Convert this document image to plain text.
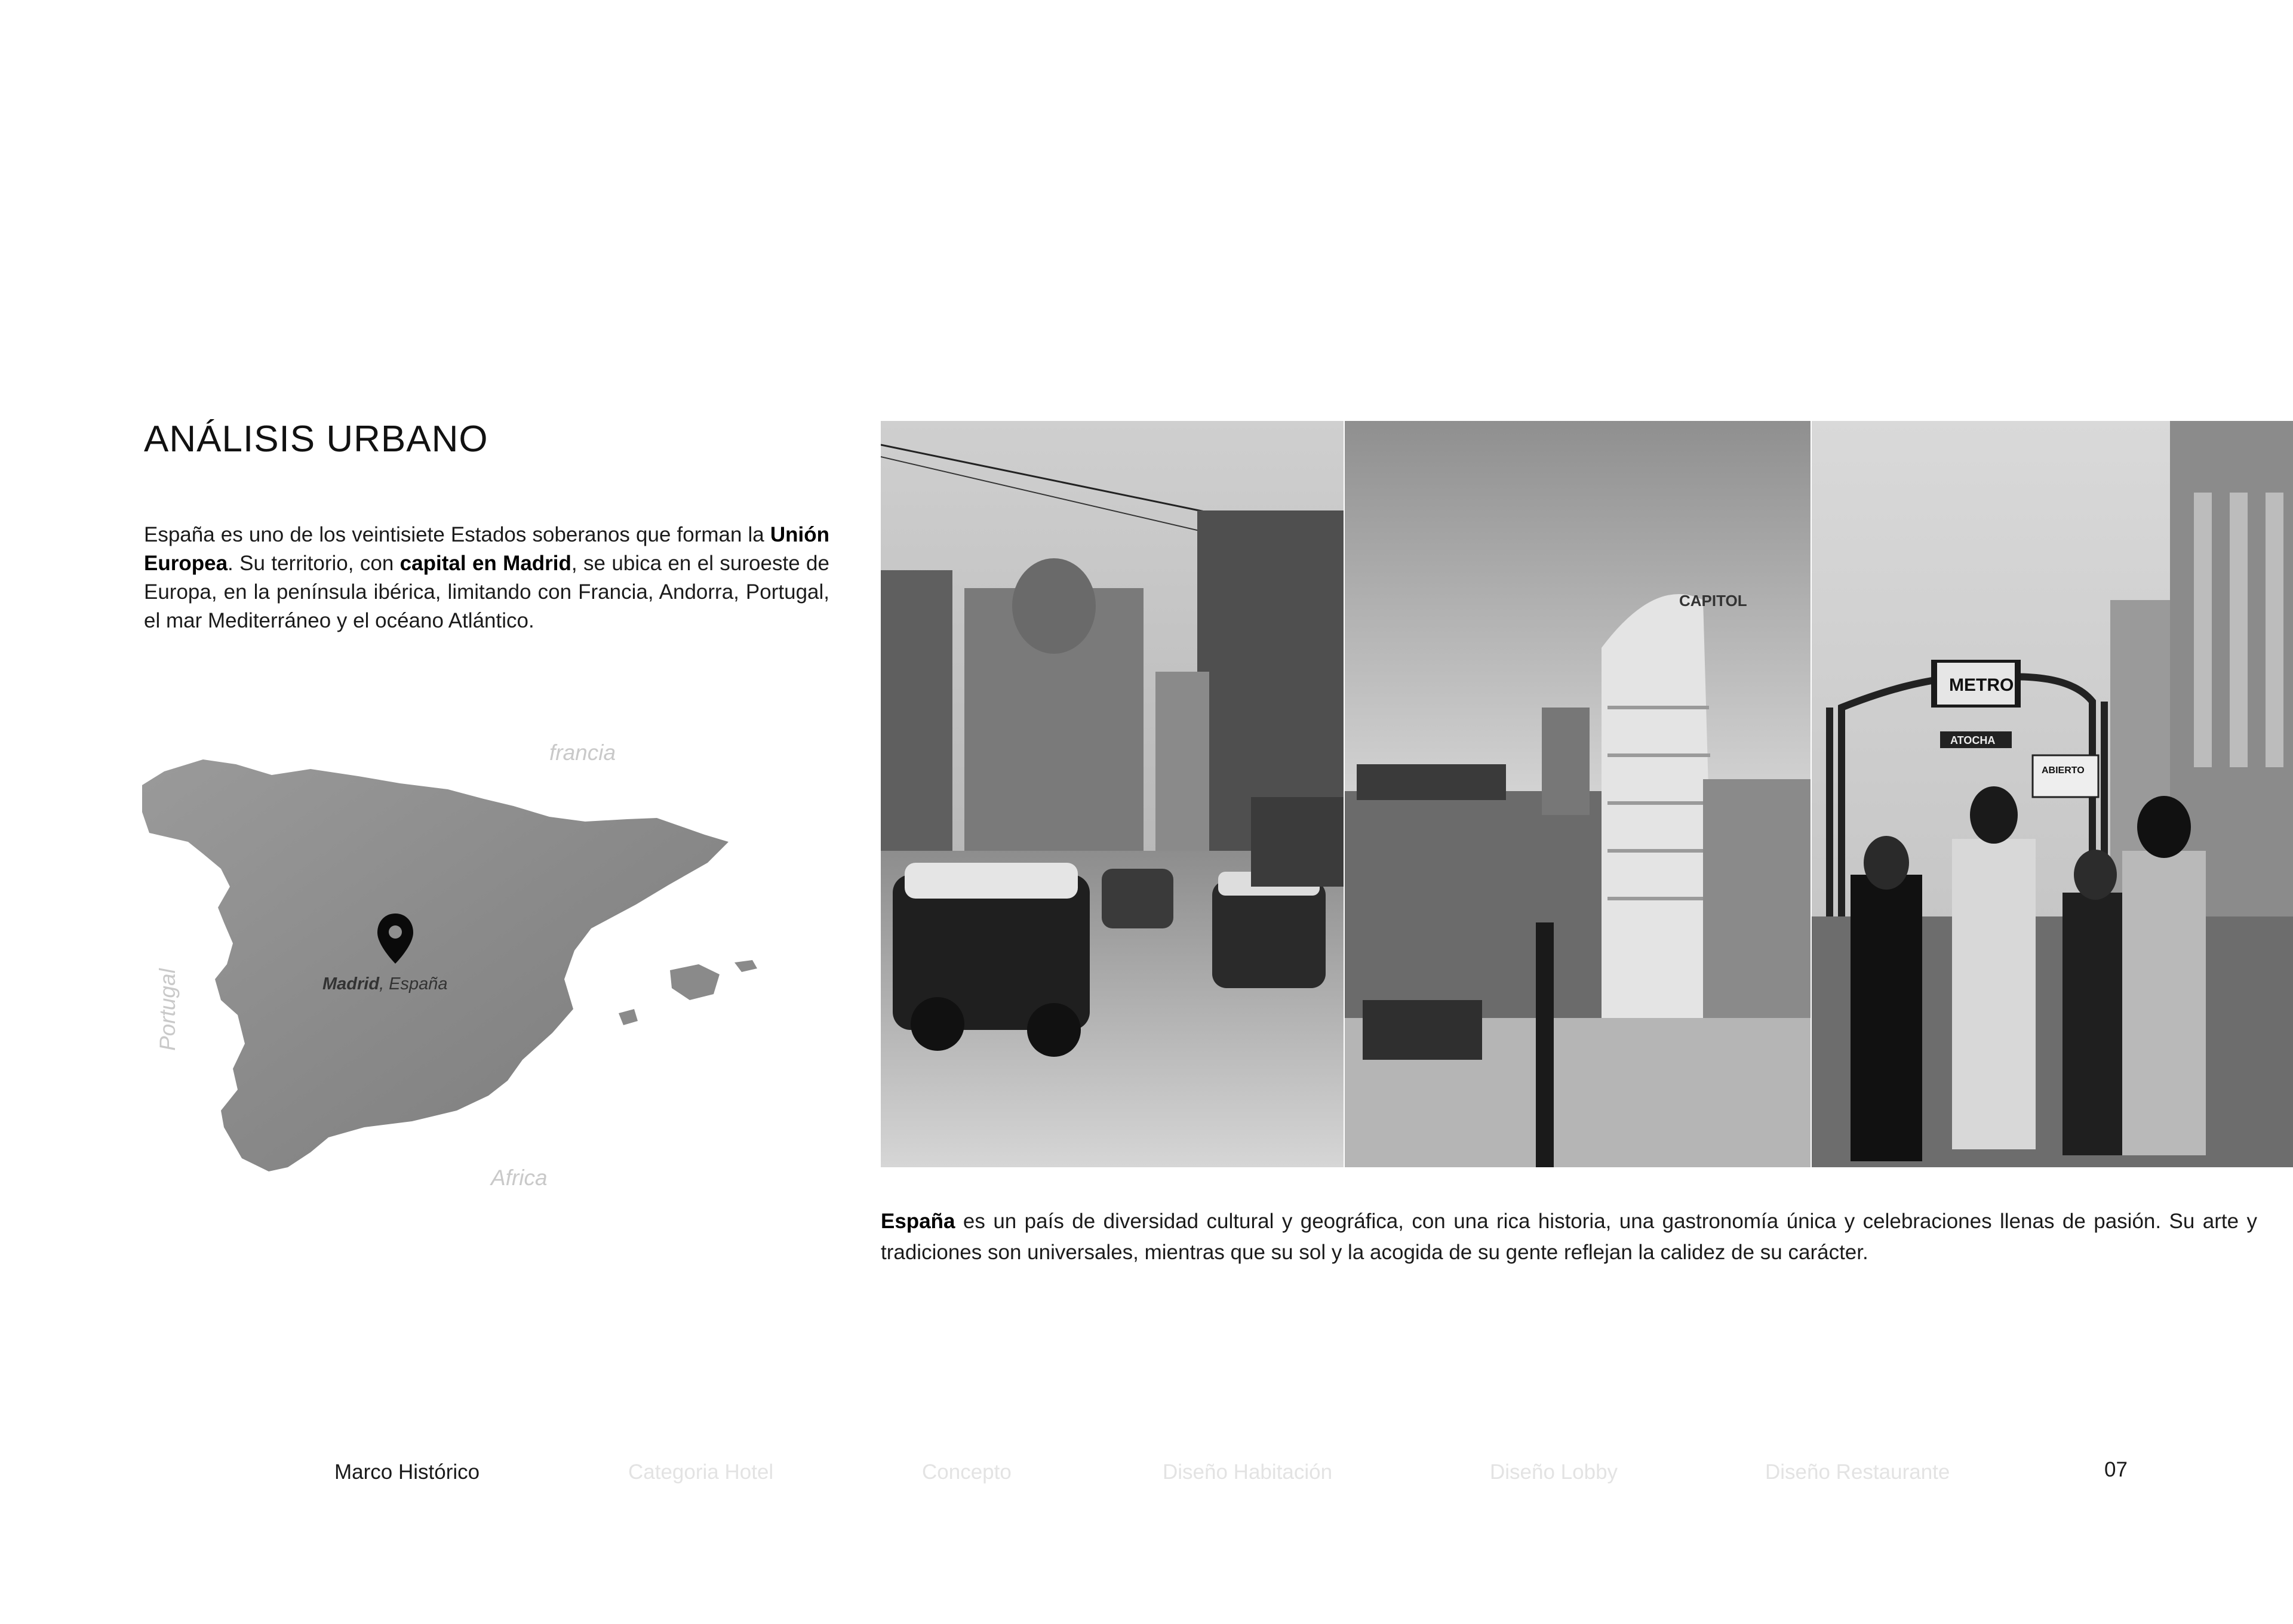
ANÁLISIS URBANO

España es uno de los veintisiete Estados soberanos que forman la Unión Europea. Su territorio, con capital en Madrid, se ubica en el suroeste de Europa, en la península ibérica, limitando con Francia, Andorra, Portugal, el mar Mediterráneo y el océano Atlántico.

francia
Portugal
Africa
Madrid, España
CAPITOL
METRO
ATOCHA
ABIERTO

España es un país de diversidad cultural y geográfica, con una rica historia, una gastronomía única y celebraciones llenas de pasión. Su arte y tradiciones son universales, mientras que su sol y la acogida de su gente reflejan la calidez de su carácter.

Marco Histórico	Categoria Hotel	Concepto	Diseño Habitación	Diseño Lobby	Diseño Restaurante	07
